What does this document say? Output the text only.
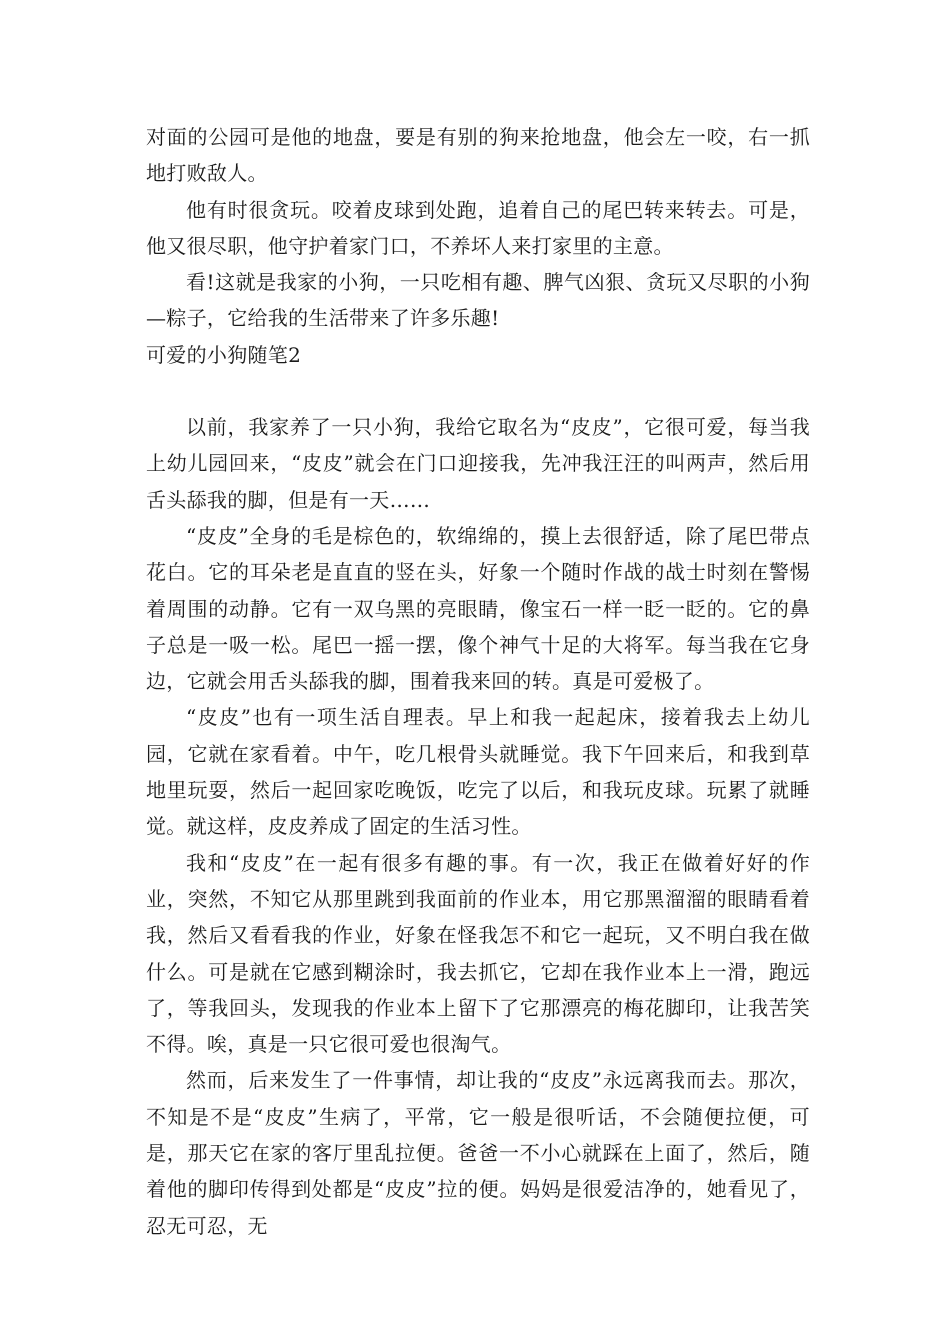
对面的公园可是他的地盘，要是有别的狗来抢地盘，他会左一咬，右一抓地打败敌人。

他有时很贪玩。咬着皮球到处跑，追着自己的尾巴转来转去。可是，他又很尽职，他守护着家门口，不养坏人来打家里的主意。

看!这就是我家的小狗，一只吃相有趣、脾气凶狠、贪玩又尽职的小狗—粽子，它给我的生活带来了许多乐趣!

可爱的小狗随笔2

以前，我家养了一只小狗，我给它取名为“皮皮”，它很可爱，每当我上幼儿园回来，“皮皮”就会在门口迎接我，先冲我汪汪的叫两声，然后用舌头舔我的脚，但是有一天……

“皮皮”全身的毛是棕色的，软绵绵的，摸上去很舒适，除了尾巴带点花白。它的耳朵老是直直的竖在头，好象一个随时作战的战士时刻在警惕着周围的动静。它有一双乌黑的亮眼睛，像宝石一样一眨一眨的。它的鼻子总是一吸一松。尾巴一摇一摆，像个神气十足的大将军。每当我在它身边，它就会用舌头舔我的脚，围着我来回的转。真是可爱极了。

“皮皮”也有一项生活自理表。早上和我一起起床，接着我去上幼儿园，它就在家看着。中午，吃几根骨头就睡觉。我下午回来后，和我到草地里玩耍，然后一起回家吃晚饭，吃完了以后，和我玩皮球。玩累了就睡觉。就这样，皮皮养成了固定的生活习性。

我和“皮皮”在一起有很多有趣的事。有一次，我正在做着好好的作业，突然，不知它从那里跳到我面前的作业本，用它那黑溜溜的眼睛看着我，然后又看看我的作业，好象在怪我怎不和它一起玩，又不明白我在做什么。可是就在它感到糊涂时，我去抓它，它却在我作业本上一滑，跑远了，等我回头，发现我的作业本上留下了它那漂亮的梅花脚印，让我苦笑不得。唉，真是一只它很可爱也很淘气。

然而，后来发生了一件事情，却让我的“皮皮”永远离我而去。那次，不知是不是“皮皮”生病了，平常，它一般是很听话，不会随便拉便，可是，那天它在家的客厅里乱拉便。爸爸一不小心就踩在上面了，然后，随着他的脚印传得到处都是“皮皮”拉的便。妈妈是很爱洁净的，她看见了，忍无可忍，无
